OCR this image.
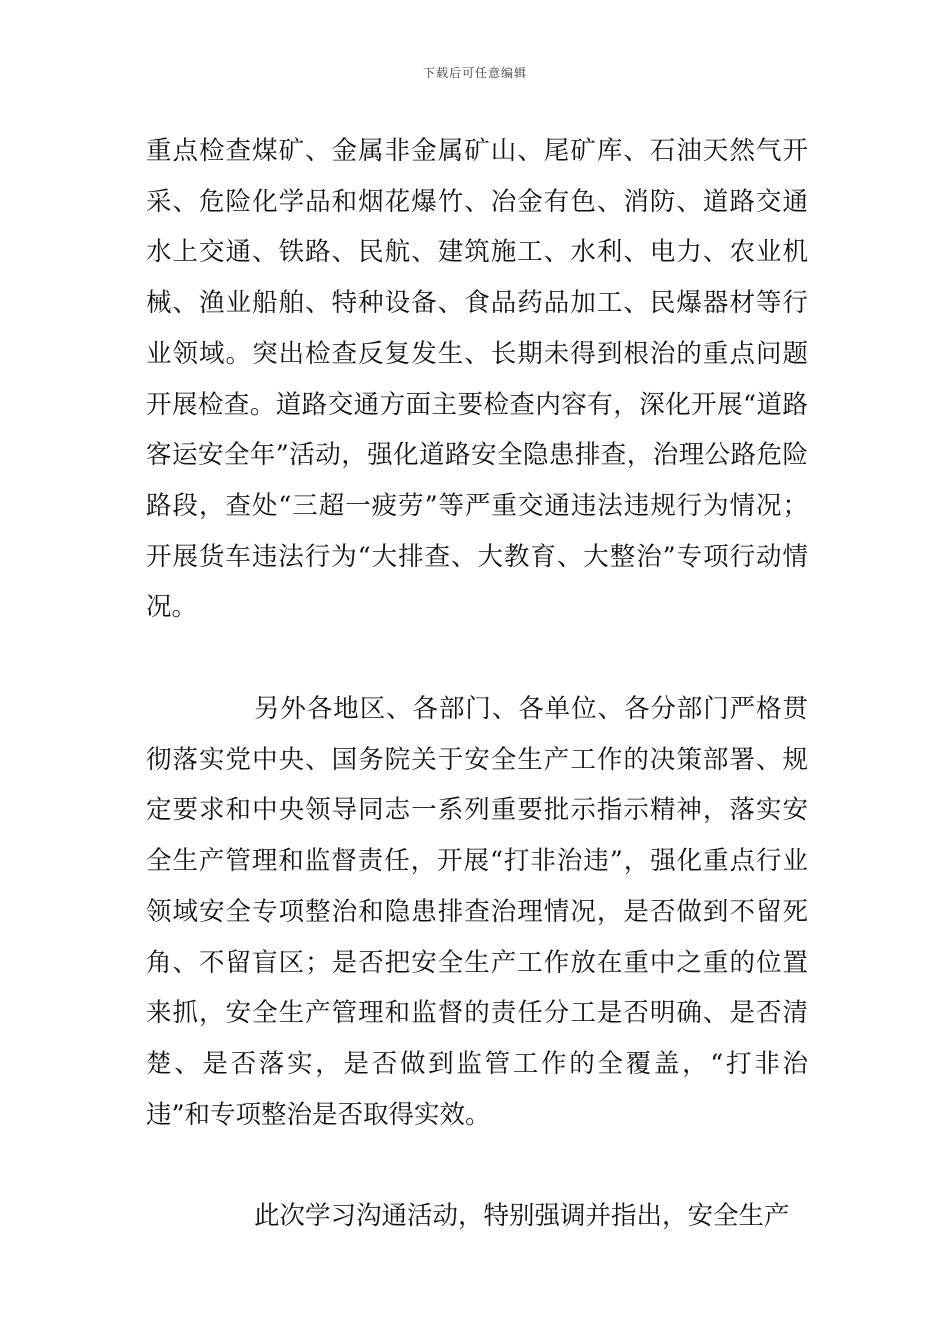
下载后可任意编辑

重点检查煤矿、金属非金属矿山、尾矿库、石油天然气开采、危险化学品和烟花爆竹、冶金有色、消防、道路交通水上交通、铁路、民航、建筑施工、水利、电力、农业机械、渔业船舶、特种设备、食品药品加工、民爆器材等行业领域。突出检查反复发生、长期未得到根治的重点问题开展检查。道路交通方面主要检查内容有，深化开展“道路客运安全年”活动，强化道路安全隐患排查，治理公路危险路段，查处“三超一疲劳”等严重交通违法违规行为情况；开展货车违法行为“大排查、大教育、大整治”专项行动情况。

另外各地区、各部门、各单位、各分部门严格贯彻落实党中央、国务院关于安全生产工作的决策部署、规定要求和中央领导同志一系列重要批示指示精神，落实安全生产管理和监督责任，开展“打非治违”，强化重点行业领域安全专项整治和隐患排查治理情况，是否做到不留死角、不留盲区；是否把安全生产工作放在重中之重的位置来抓，安全生产管理和监督的责任分工是否明确、是否清楚、是否落实，是否做到监管工作的全覆盖，“打非治违”和专项整治是否取得实效。

此次学习沟通活动，特别强调并指出，安全生产
